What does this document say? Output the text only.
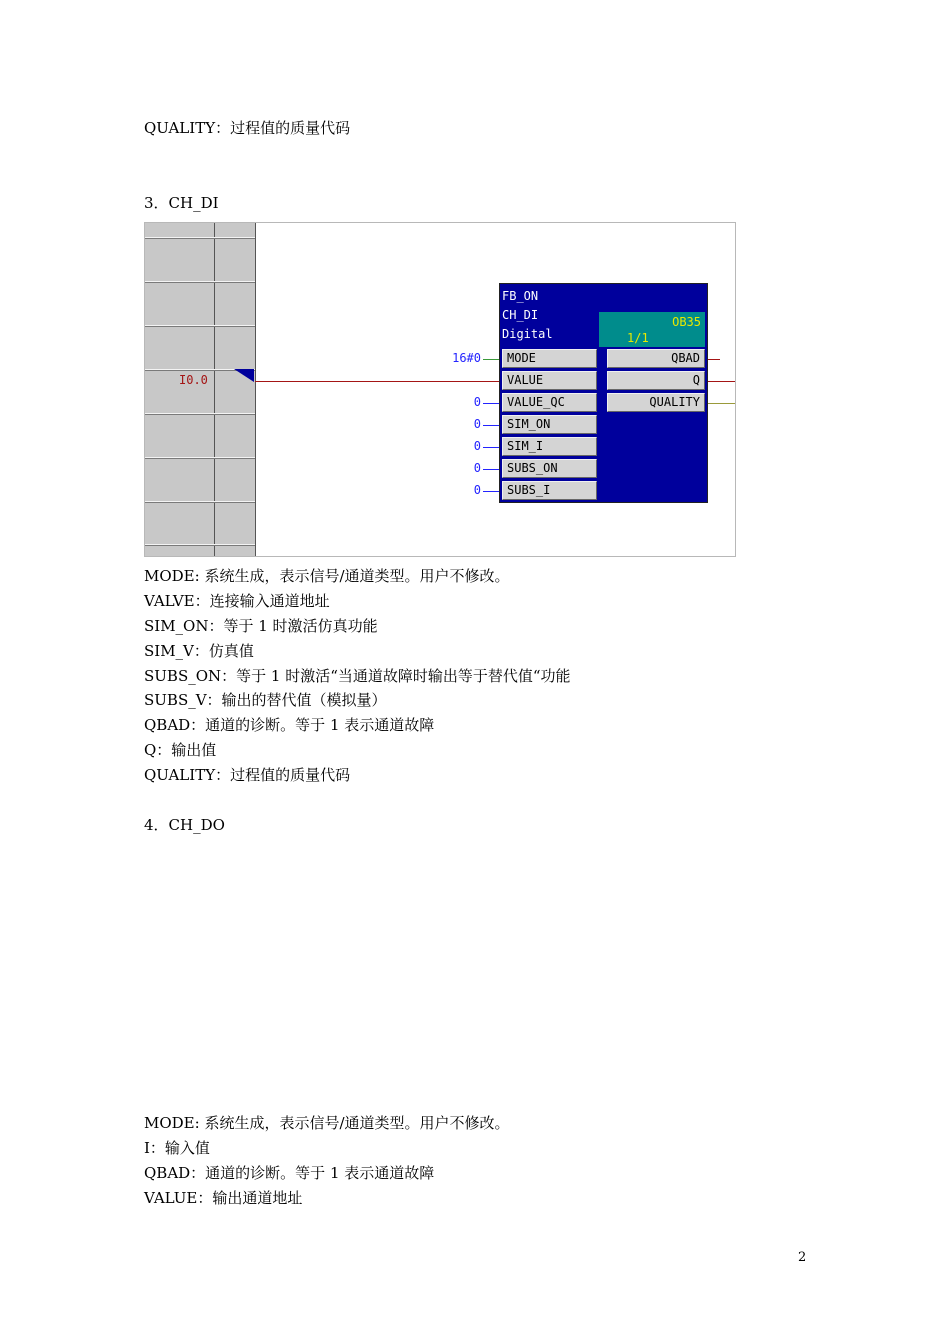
QUALITY：过程值的质量代码
3．CH_DI
I0.0
16#0
0
0
0
0
0
FB_ON
CH_DI
Digital
OB35
1/1
MODE
VALUE
VALUE_QC
SIM_ON
SIM_I
SUBS_ON
SUBS_I
QBAD
Q
QUALITY
MODE: 系统生成，表示信号/通道类型。用户不修改。
VALVE：连接输入通道地址
SIM_ON：等于 1 时激活仿真功能
SIM_V：仿真值
SUBS_ON：等于 1 时激活“当通道故障时输出等于替代值“功能
SUBS_V：输出的替代值（模拟量）
QBAD：通道的诊断。等于 1 表示通道故障
Q：输出值
QUALITY：过程值的质量代码
4．CH_DO
MODE: 系统生成，表示信号/通道类型。用户不修改。
I：输入值
QBAD：通道的诊断。等于 1 表示通道故障
VALUE：输出通道地址
2
